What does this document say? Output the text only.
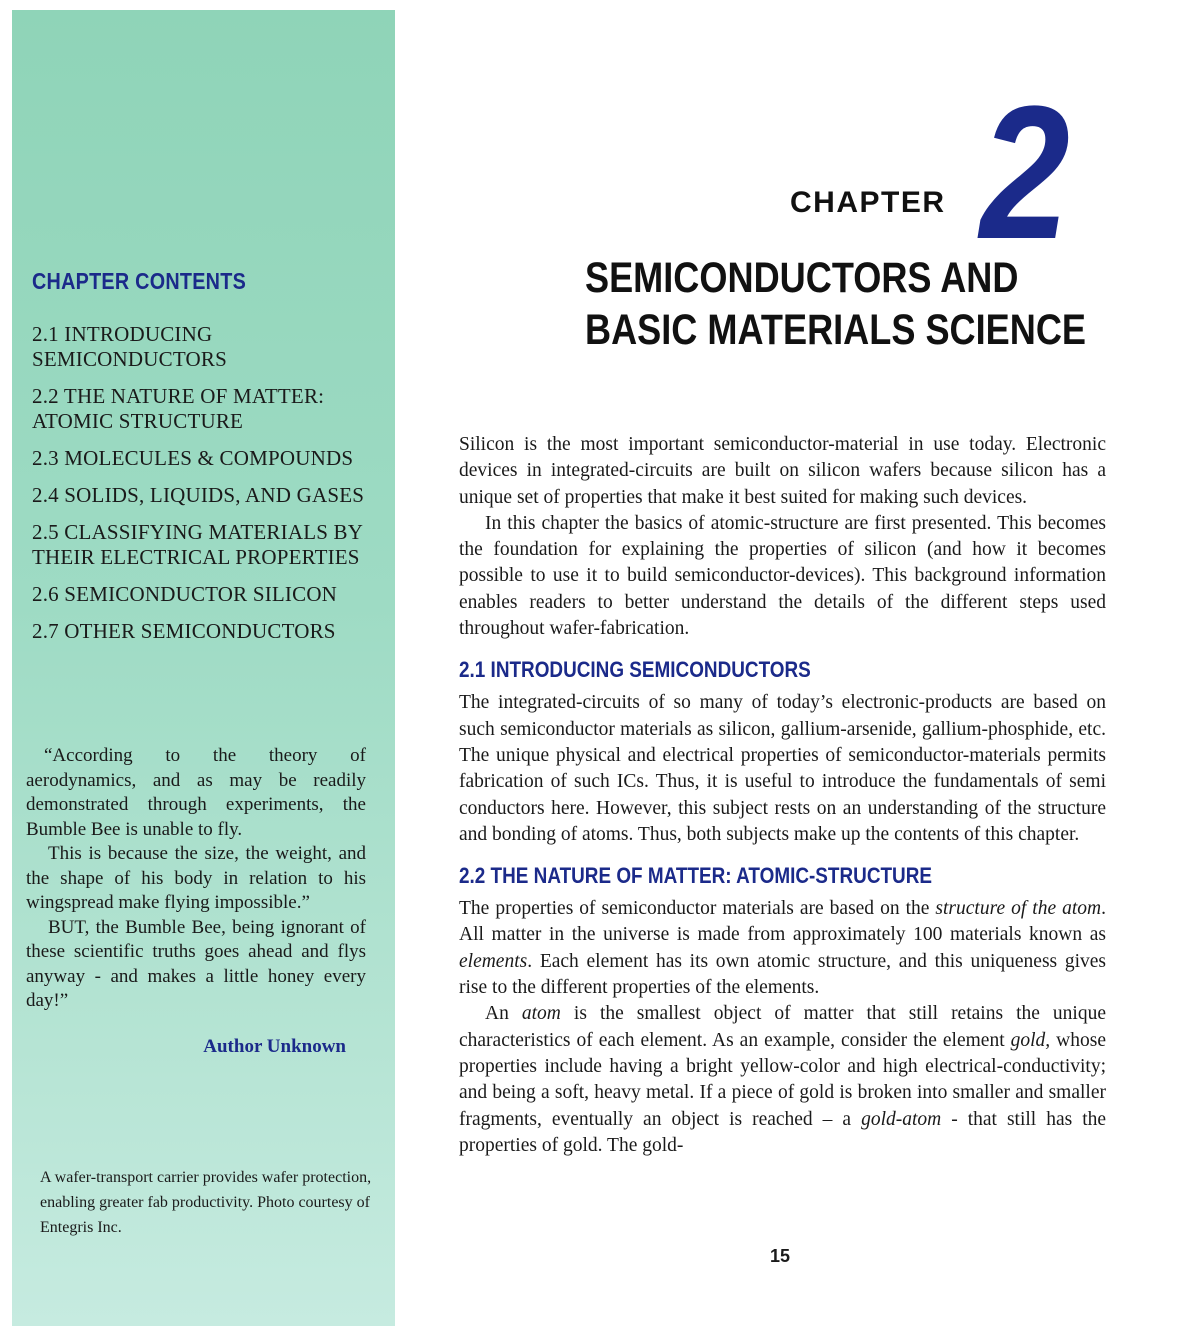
CHAPTER CONTENTS
2.1 INTRODUCING SEMICONDUCTORS
2.2 THE NATURE OF MATTER: ATOMIC STRUCTURE
2.3 MOLECULES & COMPOUNDS
2.4 SOLIDS, LIQUIDS, AND GASES
2.5 CLASSIFYING MATERIALS BY THEIR ELECTRICAL PROPERTIES
2.6 SEMICONDUCTOR SILICON
2.7 OTHER SEMICONDUCTORS

“According to the theory of aerodynamics, and as may be readily demonstrated through experiments, the Bumble Bee is unable to fly.

This is because the size, the weight, and the shape of his body in relation to his wingspread make flying impossible.”

BUT, the Bumble Bee, being ignorant of these scientific truths goes ahead and flys anyway - and makes a little honey every day!”

Author Unknown
A wafer-transport carrier provides wafer protection, enabling greater fab productivity. Photo courtesy of Entegris Inc.
CHAPTER 2
SEMICONDUCTORS AND
BASIC MATERIALS SCIENCE

Silicon is the most important semiconductor-material in use today. Electronic devices in integrated-circuits are built on silicon wafers because silicon has a unique set of properties that make it best suited for making such devices.

In this chapter the basics of atomic-structure are first presented. This becomes the foundation for explaining the properties of silicon (and how it becomes possible to use it to build semiconductor-devices). This background information enables readers to better understand the details of the different steps used throughout wafer-fabrication.

2.1 INTRODUCING SEMICONDUCTORS

The integrated-circuits of so many of today’s electronic-products are based on such semiconductor materials as silicon, gallium-arsenide, gallium-phosphide, etc. The unique physical and electrical properties of semiconductor-materials permits fabrication of such ICs. Thus, it is useful to introduce the fundamentals of semi conductors here. However, this subject rests on an understanding of the structure and bonding of atoms. Thus, both subjects make up the contents of this chapter.

2.2 THE NATURE OF MATTER: ATOMIC-STRUCTURE

The properties of semiconductor materials are based on the structure of the atom. All matter in the universe is made from approximately 100 materials known as elements. Each element has its own atomic structure, and this uniqueness gives rise to the different properties of the elements.

An atom is the smallest object of matter that still retains the unique characteristics of each element. As an example, consider the element gold, whose properties include having a bright yellow-color and high electrical-conductivity; and being a soft, heavy metal. If a piece of gold is broken into smaller and smaller fragments, eventually an object is reached – a gold-atom - that still has the properties of gold. The gold-

15
